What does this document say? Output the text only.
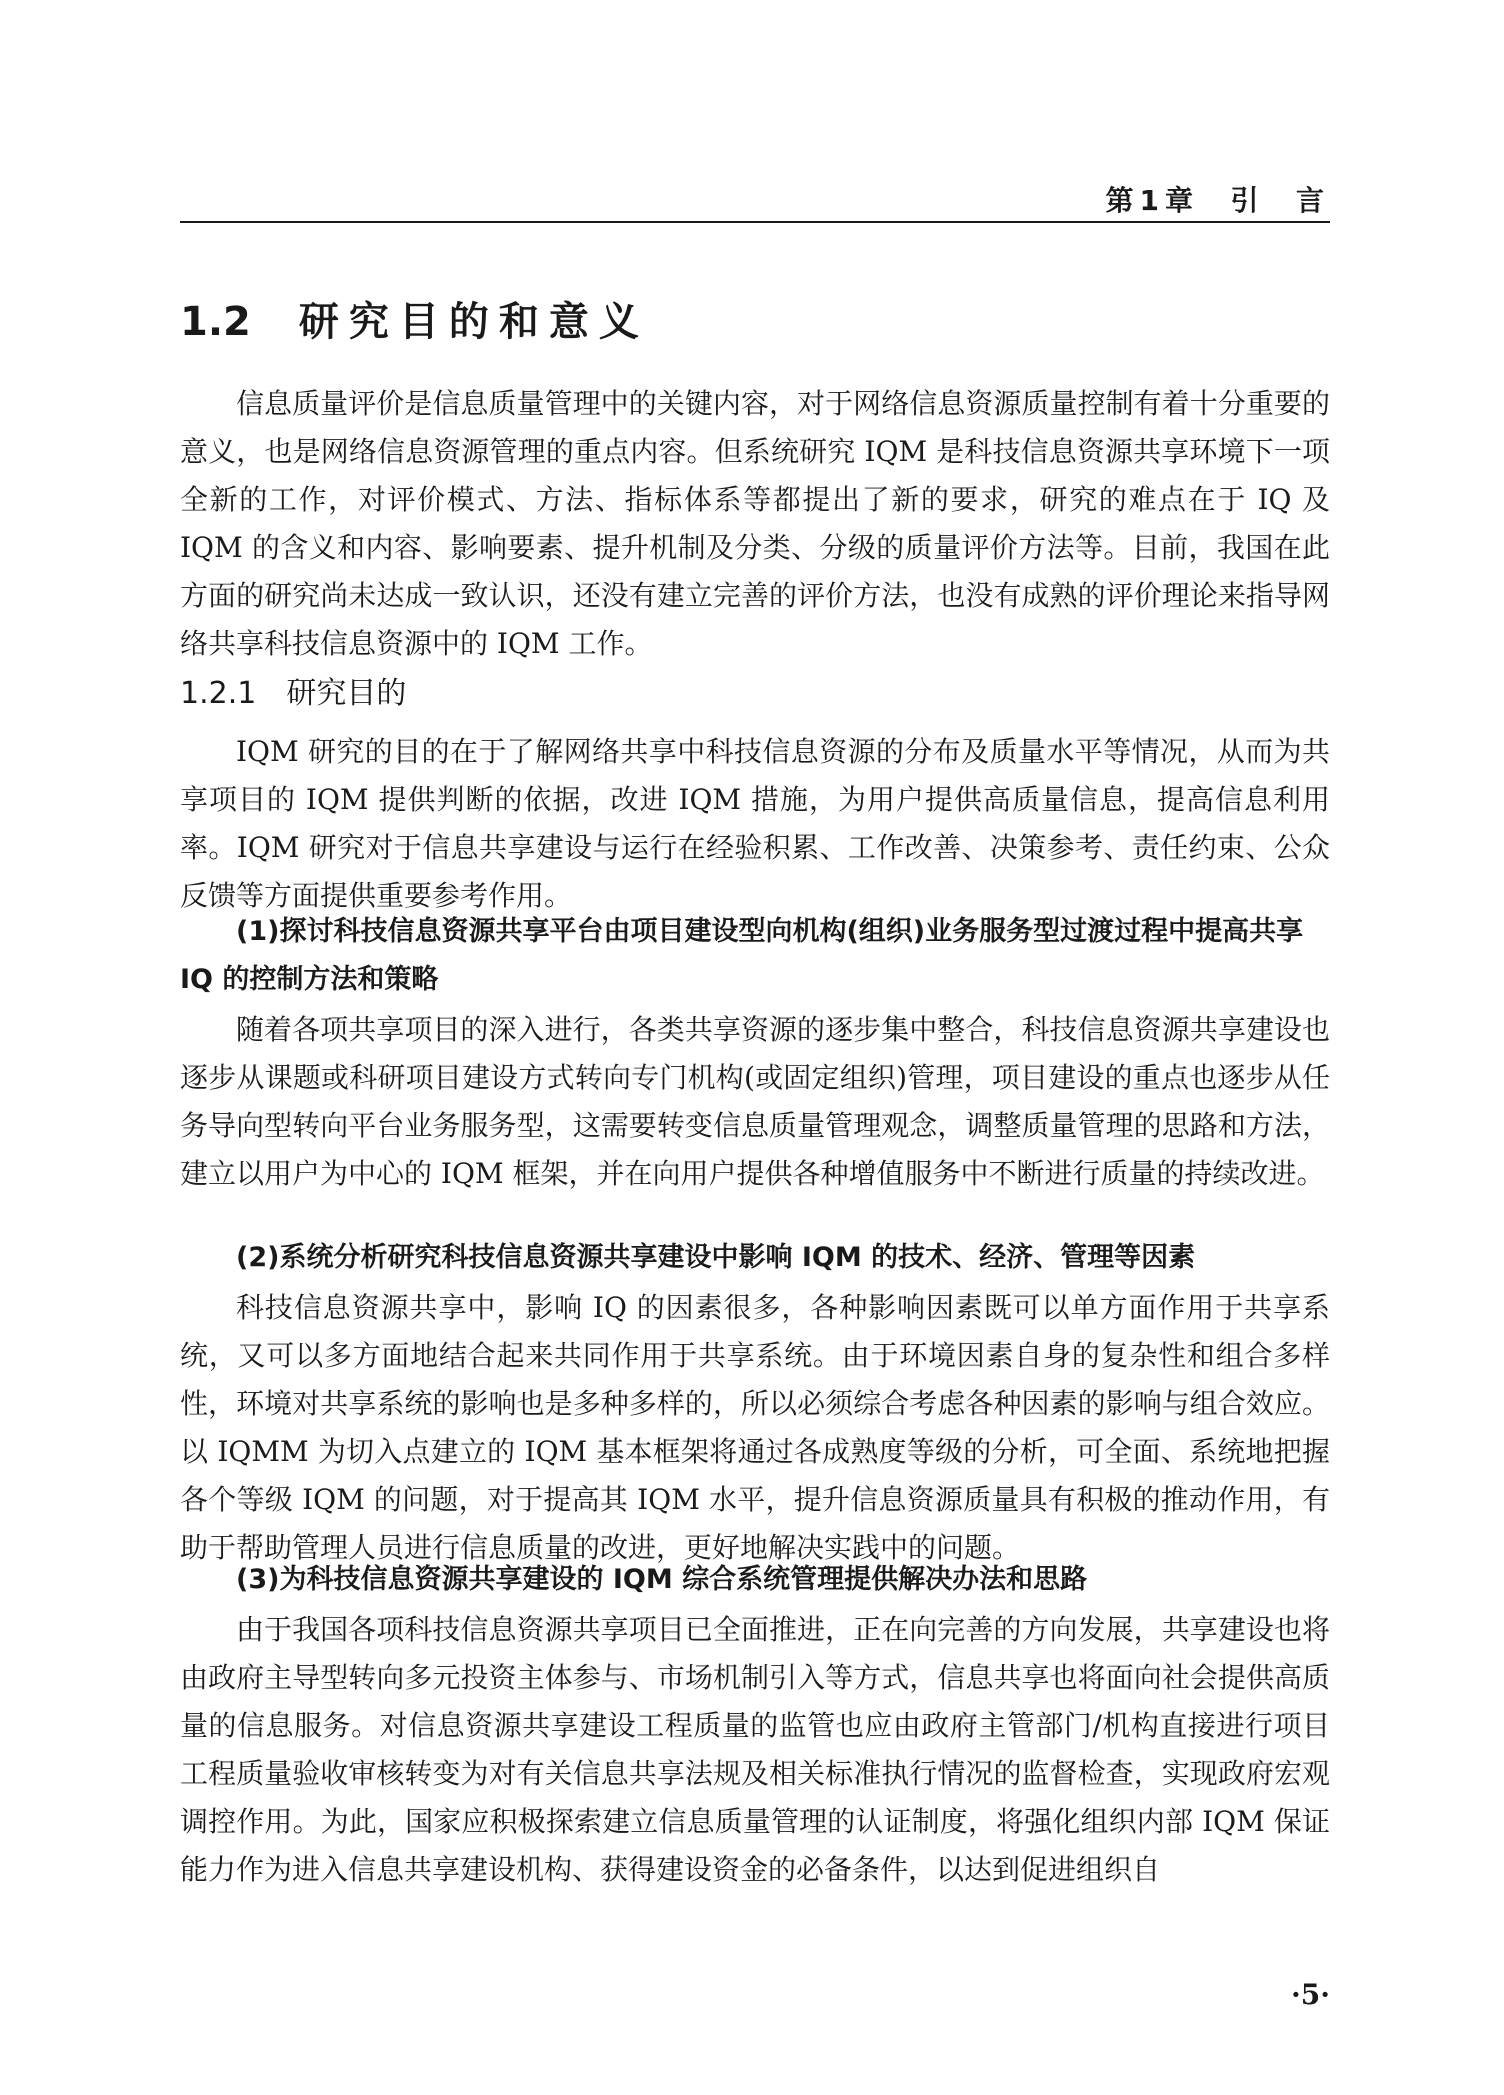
第1章  引  言
1.2 研究目的和意义

信息质量评价是信息质量管理中的关键内容，对于网络信息资源质量控制有着十分重要的意义，也是网络信息资源管理的重点内容。但系统研究 IQM 是科技信息资源共享环境下一项全新的工作，对评价模式、方法、指标体系等都提出了新的要求，研究的难点在于 IQ 及 IQM 的含义和内容、影响要素、提升机制及分类、分级的质量评价方法等。目前，我国在此方面的研究尚未达成一致认识，还没有建立完善的评价方法，也没有成熟的评价理论来指导网络共享科技信息资源中的 IQM 工作。

1.2.1 研究目的

IQM 研究的目的在于了解网络共享中科技信息资源的分布及质量水平等情况，从而为共享项目的 IQM 提供判断的依据，改进 IQM 措施，为用户提供高质量信息，提高信息利用率。IQM 研究对于信息共享建设与运行在经验积累、工作改善、决策参考、责任约束、公众反馈等方面提供重要参考作用。

(1)探讨科技信息资源共享平台由项目建设型向机构(组织)业务服务型过渡过程中提高共享 IQ 的控制方法和策略

随着各项共享项目的深入进行，各类共享资源的逐步集中整合，科技信息资源共享建设也逐步从课题或科研项目建设方式转向专门机构(或固定组织)管理，项目建设的重点也逐步从任务导向型转向平台业务服务型，这需要转变信息质量管理观念，调整质量管理的思路和方法，建立以用户为中心的 IQM 框架，并在向用户提供各种增值服务中不断进行质量的持续改进。

(2)系统分析研究科技信息资源共享建设中影响 IQM 的技术、经济、管理等因素

科技信息资源共享中，影响 IQ 的因素很多，各种影响因素既可以单方面作用于共享系统，又可以多方面地结合起来共同作用于共享系统。由于环境因素自身的复杂性和组合多样性，环境对共享系统的影响也是多种多样的，所以必须综合考虑各种因素的影响与组合效应。以 IQMM 为切入点建立的 IQM 基本框架将通过各成熟度等级的分析，可全面、系统地把握各个等级 IQM 的问题，对于提高其 IQM 水平，提升信息资源质量具有积极的推动作用，有助于帮助管理人员进行信息质量的改进，更好地解决实践中的问题。

(3)为科技信息资源共享建设的 IQM 综合系统管理提供解决办法和思路

由于我国各项科技信息资源共享项目已全面推进，正在向完善的方向发展，共享建设也将由政府主导型转向多元投资主体参与、市场机制引入等方式，信息共享也将面向社会提供高质量的信息服务。对信息资源共享建设工程质量的监管也应由政府主管部门/机构直接进行项目工程质量验收审核转变为对有关信息共享法规及相关标准执行情况的监督检查，实现政府宏观调控作用。为此，国家应积极探索建立信息质量管理的认证制度，将强化组织内部 IQM 保证能力作为进入信息共享建设机构、获得建设资金的必备条件，以达到促进组织自

·5·
